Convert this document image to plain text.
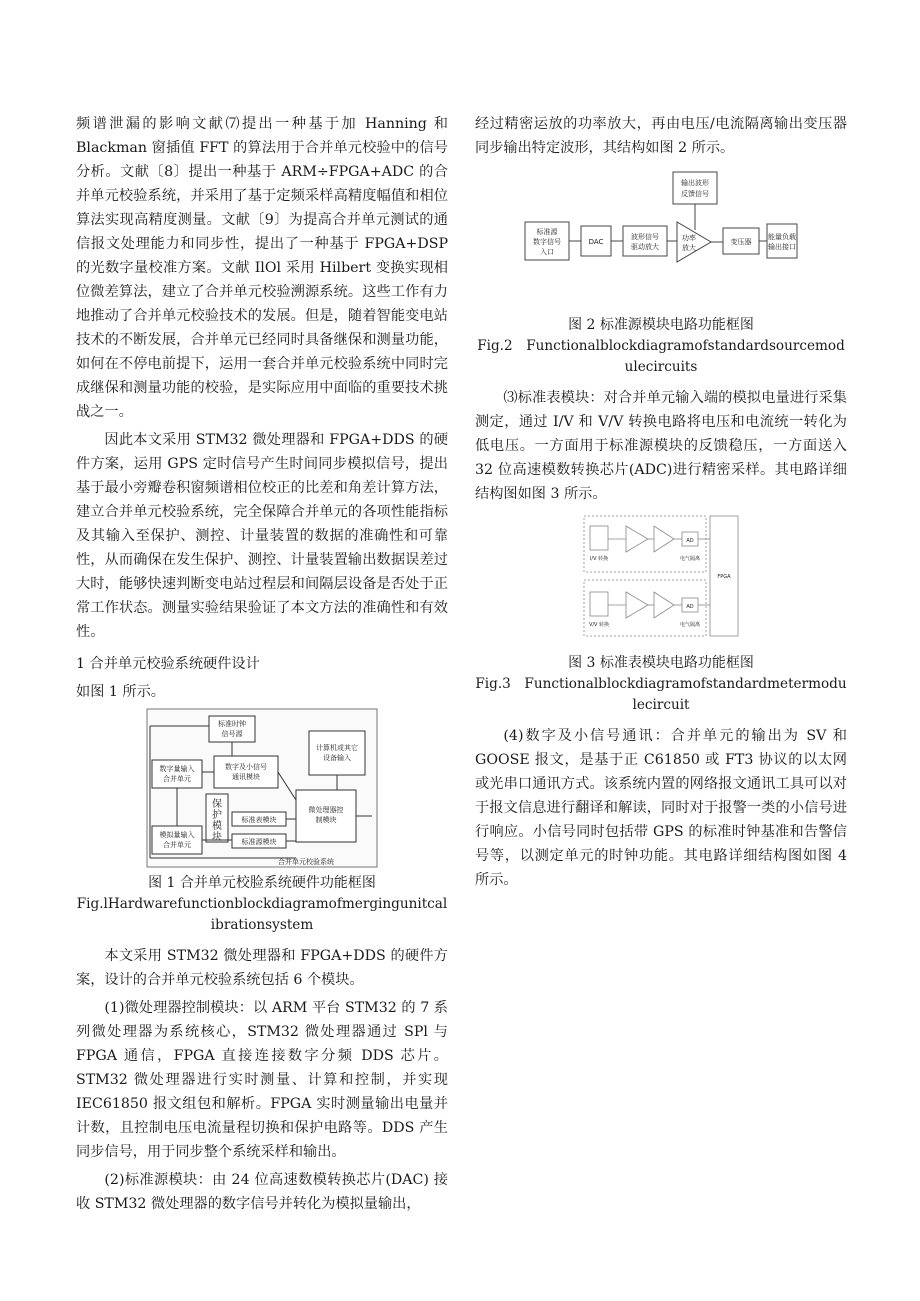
频谱泄漏的影响文献⑺提出一种基于加 Hanning 和 Blackman 窗插值 FFT 的算法用于合并单元校验中的信号分析。文献〔8〕提出一种基于 ARM÷FPGA+ADC 的合并单元校验系统，并采用了基于定频采样高精度幅值和相位算法实现高精度测量。文献〔9〕为提高合并单元测试的通信报文处理能力和同步性，提出了一种基于 FPGA+DSP 的光数字量校准方案。文献 IlOl 采用 Hilbert 变换实现相位微差算法，建立了合并单元校验溯源系统。这些工作有力地推动了合并单元校验技术的发展。但是，随着智能变电站技术的不断发展，合并单元已经同时具备继保和测量功能，如何在不停电前提下，运用一套合并单元校验系统中同时完成继保和测量功能的校验，是实际应用中面临的重要技术挑战之一。

因此本文采用 STM32 微处理器和 FPGA+DDS 的硬件方案，运用 GPS 定时信号产生时间同步模拟信号，提出基于最小旁瓣卷积窗频谱相位校正的比差和角差计算方法，建立合并单元校验系统，完全保障合并单元的各项性能指标及其输入至保护、测控、计量装置的数据的准确性和可靠性，从而确保在发生保护、测控、计量装置输出数据误差过大时，能够快速判断变电站过程层和间隔层设备是否处于正常工作状态。测量实验结果验证了本文方法的准确性和有效性。

1 合并单元校验系统硬件设计

如图 1 所示。

标准时钟
信号源
计算机或其它
设备输入
数字量输入
合并单元
数字及小信号
通讯模块
标准表模块
微处理器控
制模块
模拟量输入
合并单元	标准源模块
合并单元校验系统
保
护
模
块

图 1 合并单元校脸系统硬件功能框图

Fig.lHardwarefunctionblockdiagramofmergingunitcalibrationsystem

本文采用 STM32 微处理器和 FPGA+DDS 的硬件方案，设计的合并单元校验系统包括 6 个模块。

(1)微处理器控制模块：以 ARM 平台 STM32 的 7 系列微处理器为系统核心，STM32 微处理器通过 SPl 与 FPGA 通信，FPGA 直接连接数字分频 DDS 芯片。STM32 微处理器进行实时测量、计算和控制，并实现 IEC61850 报文组包和解析。FPGA 实时测量输出电量并计数，且控制电压电流量程切换和保护电路等。DDS 产生同步信号，用于同步整个系统采样和输出。

(2)标准源模块：由 24 位高速数模转换芯片(DAC) 接收 STM32 微处理器的数字信号并转化为模拟量输出，

经过精密运放的功率放大，再由电压/电流隔离输出变压器同步输出特定波形，其结构如图 2 所示。

标准源
数字信号
入口
DAC
波形信号
驱动放大
输出波形
反馈信号
功率
放大
变压器
能量负载
输出接口

图 2 标准源模块电路功能框图

Fig.2　Functionalblockdiagramofstandardsourcemodulecircuits

⑶标准表模块：对合并单元输入端的模拟电量进行采集测定，通过 I/V 和 V/V 转换电路将电压和电流统一转化为低电压。一方面用于标准源模块的反馈稳压，一方面送入 32 位高速模数转换芯片(ADC)进行精密采样。其电路详细结构图如图 3 所示。

I/V 转换
V/V 转换
AD
AD
电气隔离
电气隔离
FPGA

图 3 标准表模块电路功能框图

Fig.3　Functionalblockdiagramofstandardmetermodulecircuit

(4)数字及小信号通讯：合并单元的输出为 SV 和 GOOSE 报文，是基于正 C61850 或 FT3 协议的以太网或光串口通讯方式。该系统内置的网络报文通讯工具可以对于报文信息进行翻译和解读，同时对于报警一类的小信号进行响应。小信号同时包括带 GPS 的标准时钟基准和告警信号等，以测定单元的时钟功能。其电路详细结构图如图 4 所示。
